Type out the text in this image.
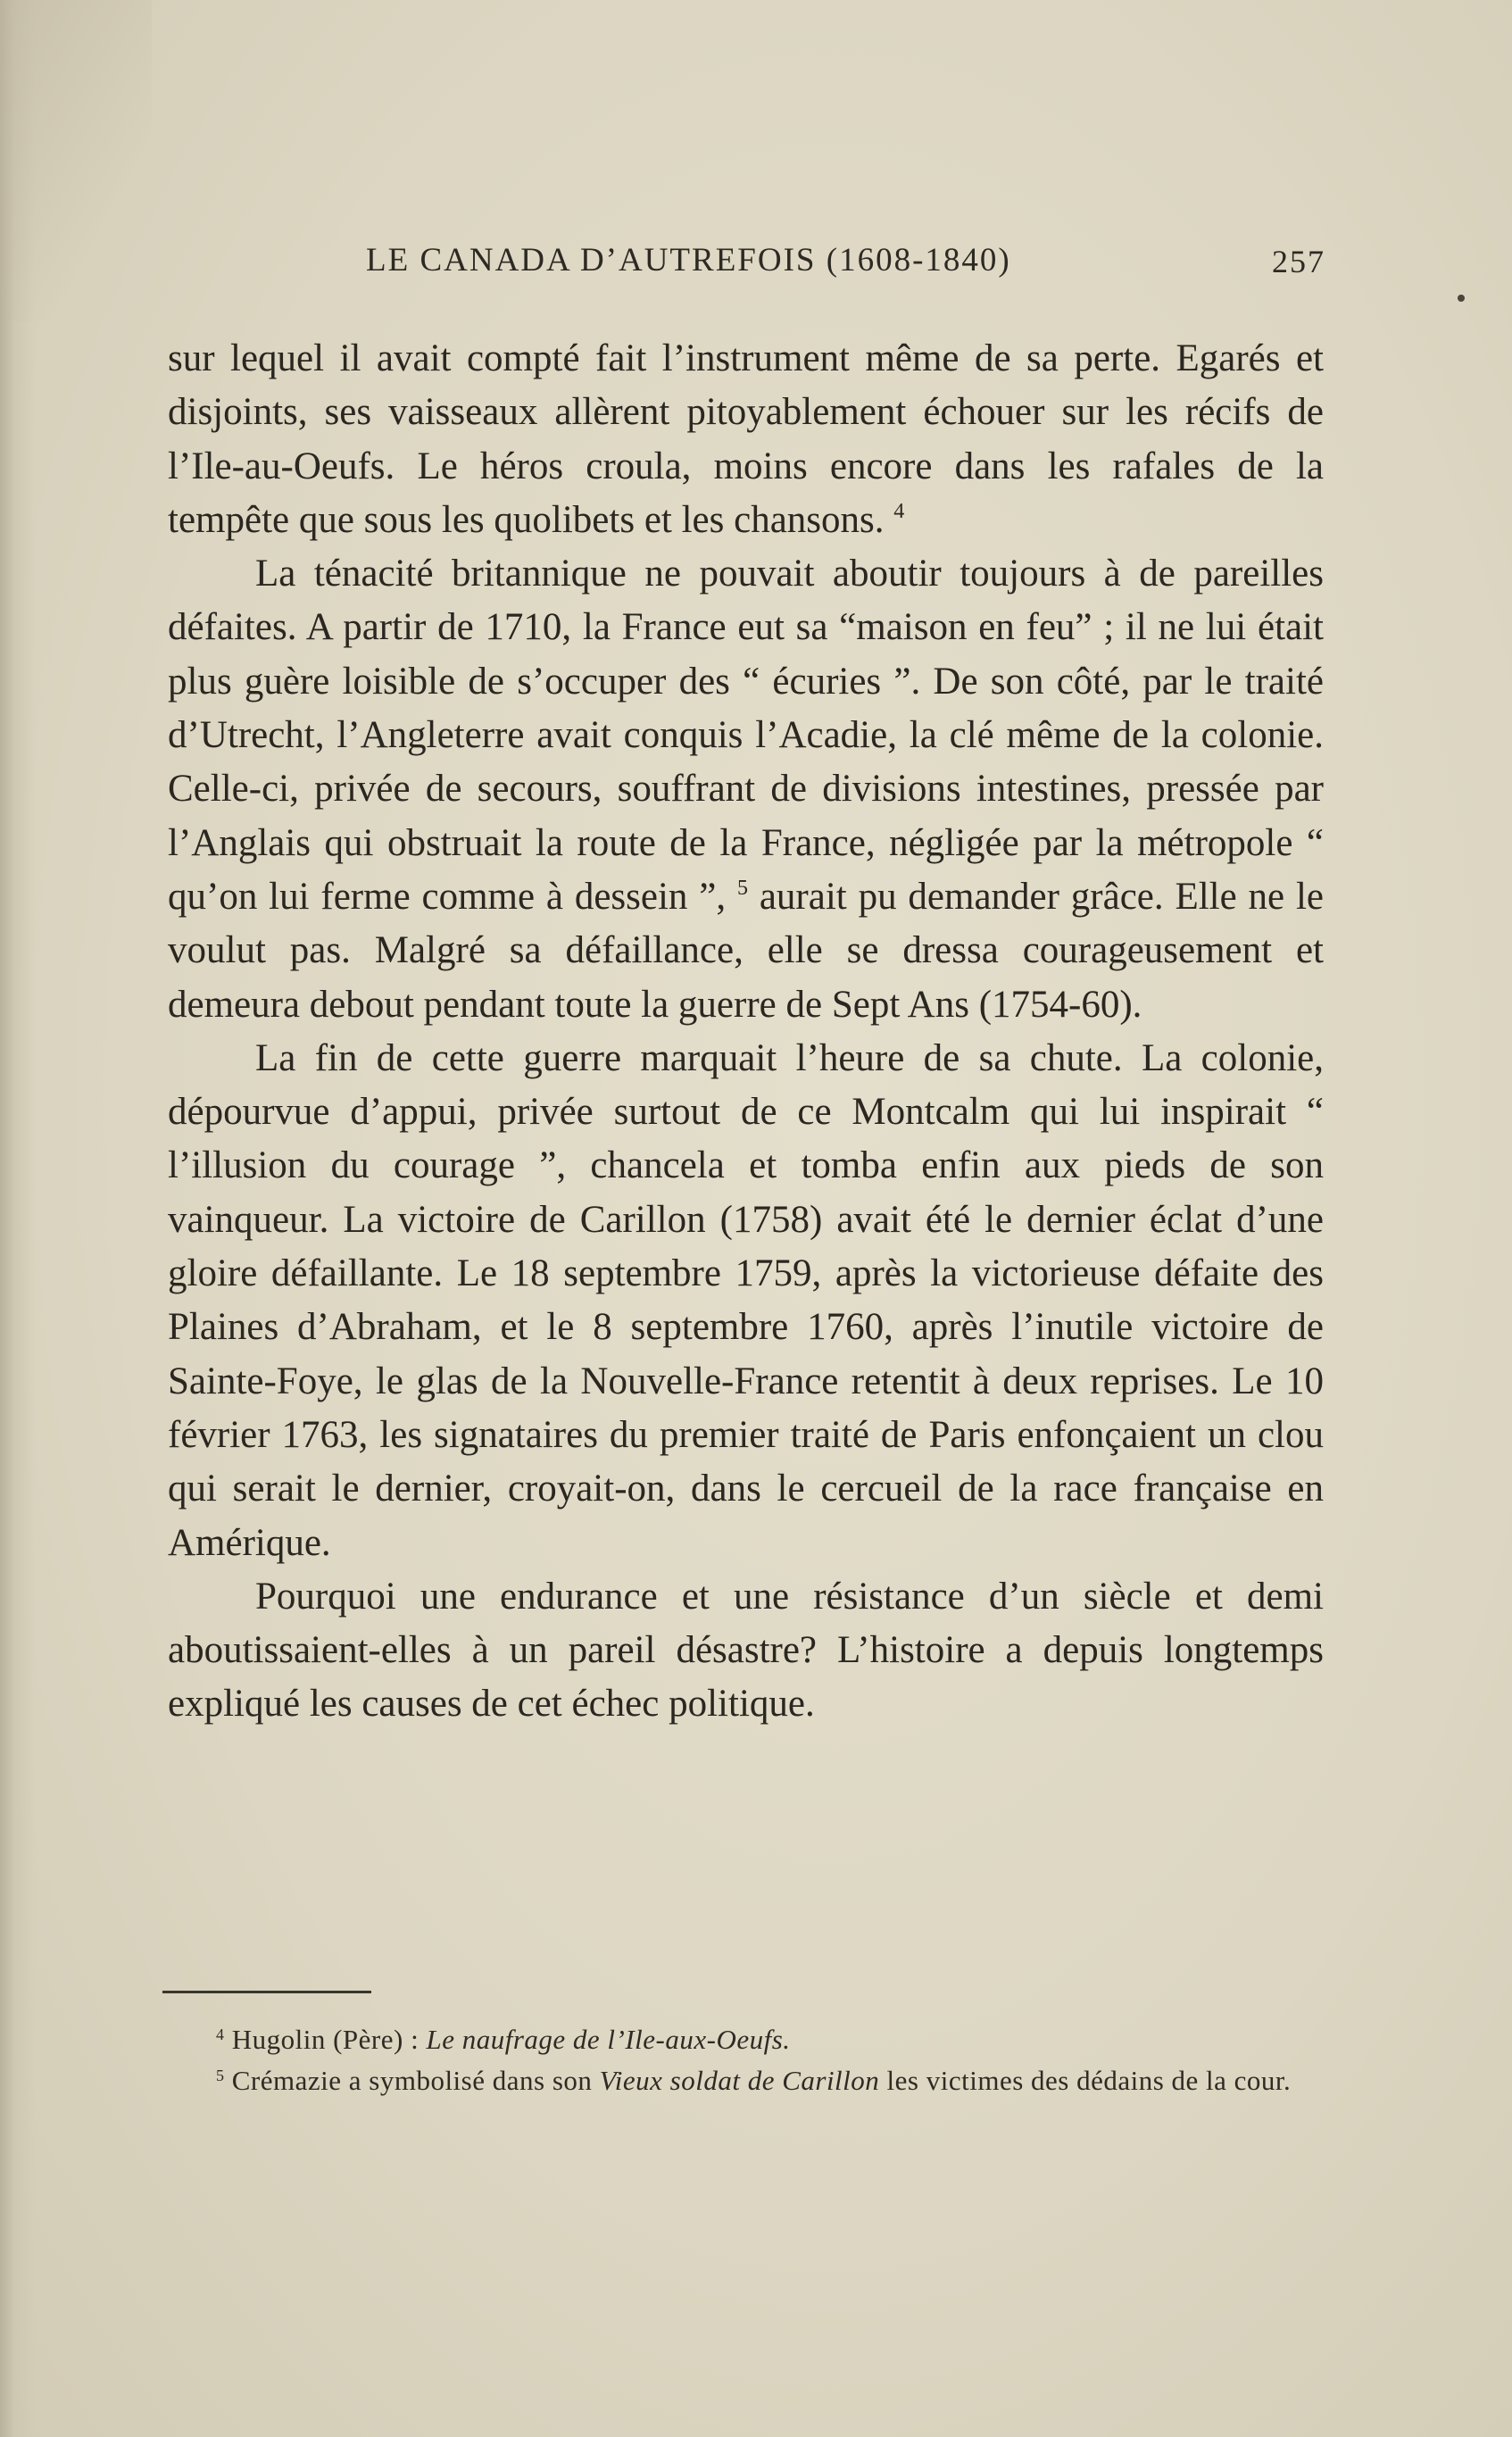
LE CANADA D’AUTREFOIS (1608-1840)	257

sur lequel il avait compté fait l’instrument même de sa perte. Egarés et disjoints, ses vaisseaux allèrent pitoyablement échouer sur les récifs de l’Ile-au-Oeufs. Le héros croula, moins encore dans les rafales de la tempête que sous les quolibets et les chansons. $^4$

La ténacité britannique ne pouvait aboutir toujours à de pareilles défaites. A partir de 1710, la France eut sa “maison en feu” ; il ne lui était plus guère loisible de s’occuper des “ écuries ”. De son côté, par le traité d’Utrecht, l’Angleterre avait conquis l’Acadie, la clé même de la colonie. Celle-ci, privée de secours, souffrant de divisions intestines, pressée par l’Anglais qui obstruait la route de la France, négligée par la métropole “ qu’on lui ferme comme à dessein ”, $^5$ aurait pu demander grâce. Elle ne le voulut pas. Malgré sa défaillance, elle se dressa courageusement et demeura debout pendant toute la guerre de Sept Ans (1754-60).

La fin de cette guerre marquait l’heure de sa chute. La colonie, dépourvue d’appui, privée surtout de ce Montcalm qui lui inspirait “ l’illusion du courage ”, chancela et tomba enfin aux pieds de son vainqueur. La victoire de Carillon (1758) avait été le dernier éclat d’une gloire défaillante. Le 18 septembre 1759, après la victorieuse défaite des Plaines d’Abraham, et le 8 septembre 1760, après l’inutile victoire de Sainte-Foye, le glas de la Nouvelle-France retentit à deux reprises. Le 10 février 1763, les signataires du premier traité de Paris enfonçaient un clou qui serait le dernier, croyait-on, dans le cercueil de la race française en Amérique.

Pourquoi une endurance et une résistance d’un siècle et demi aboutissaient-elles à un pareil désastre? L’histoire a depuis longtemps expliqué les causes de cet échec politique.

$^4$ Hugolin (Père) : Le naufrage de l’Ile-aux-Oeufs.

$^5$ Crémazie a symbolisé dans son Vieux soldat de Carillon les victimes des dédains de la cour.
